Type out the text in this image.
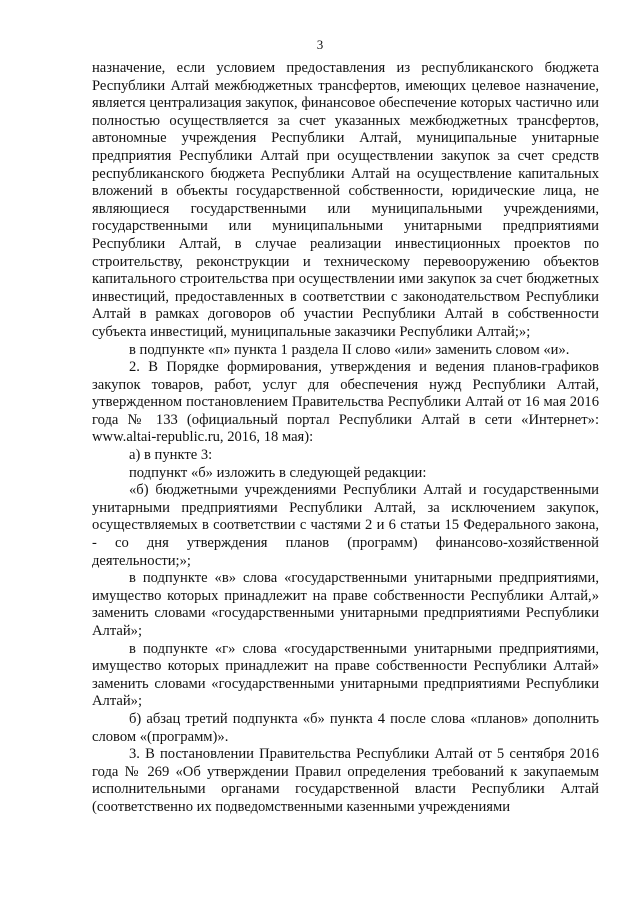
3

назначение, если условием предоставления из республиканского бюджета Республики Алтай межбюджетных трансфертов, имеющих целевое назначение, является централизация закупок, финансовое обеспечение которых частично или полностью осуществляется за счет указанных межбюджетных трансфертов, автономные учреждения Республики Алтай, муниципальные унитарные предприятия Республики Алтай при осуществлении закупок за счет средств республиканского бюджета Республики Алтай на осуществление капитальных вложений в объекты государственной собственности, юридические лица, не являющиеся государственными или муниципальными учреждениями, государственными или муниципальными унитарными предприятиями Республики Алтай, в случае реализации инвестиционных проектов по строительству, реконструкции и техническому перевооружению объектов капитального строительства при осуществлении ими закупок за счет бюджетных инвестиций, предоставленных в соответствии с законодательством Республики Алтай в рамках договоров об участии Республики Алтай в собственности субъекта инвестиций, муниципальные заказчики Республики Алтай;»;

в подпункте «п» пункта 1 раздела II слово «или» заменить словом «и».

2. В Порядке формирования, утверждения и ведения планов-графиков закупок товаров, работ, услуг для обеспечения нужд Республики Алтай, утвержденном постановлением Правительства Республики Алтай от 16 мая 2016 года № 133 (официальный портал Республики Алтай в сети «Интернет»: www.altai-republic.ru, 2016, 18 мая):

а) в пункте 3:

подпункт «б» изложить в следующей редакции:

«б) бюджетными учреждениями Республики Алтай и государственными унитарными предприятиями Республики Алтай, за исключением закупок, осуществляемых в соответствии с частями 2 и 6 статьи 15 Федерального закона, - со дня утверждения планов (программ) финансово-хозяйственной деятельности;»;

в подпункте «в» слова «государственными унитарными предприятиями, имущество которых принадлежит на праве собственности Республики Алтай,» заменить словами «государственными унитарными предприятиями Республики Алтай»;

в подпункте «г» слова «государственными унитарными предприятиями, имущество которых принадлежит на праве собственности Республики Алтай» заменить словами «государственными унитарными предприятиями Республики Алтай»;

б) абзац третий подпункта «б» пункта 4 после слова «планов» дополнить словом «(программ)».

3. В постановлении Правительства Республики Алтай от 5 сентября 2016 года № 269 «Об утверждении Правил определения требований к закупаемым исполнительными органами государственной власти Республики Алтай (соответственно их подведомственными казенными учреждениями
